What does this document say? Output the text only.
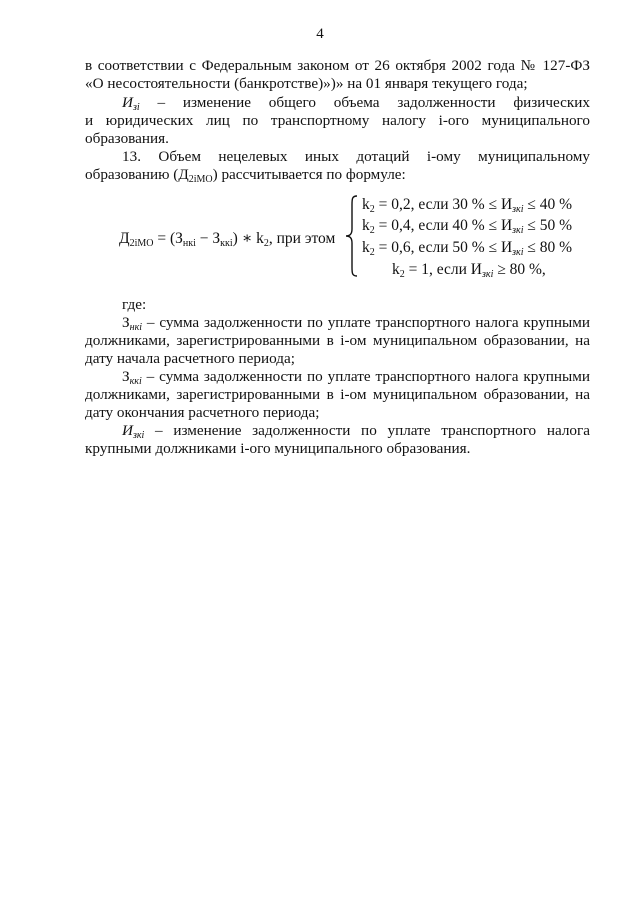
4
в соответствии с Федеральным законом от 26 октября 2002 года № 127-ФЗ
«О несостоятельности (банкротстве)»)» на 01 января текущего года;
$И_{зi}$ – изменение общего объема задолженности физических
и юридических лиц по транспортному налогу i-ого муниципального
образования.
13. Объем нецелевых иных дотаций i-ому муниципальному
образованию $(Д_{2iМО})$ рассчитывается по формуле:
$Д_{2iМО} = (З_{нкi} - З_{ккi})$ ∗ $k_2$, при этом
$k_2 = 0,2$, если 30 % ≤ $И_{зкi} \le 40$ %
$k_2 = 0,4$, если 40 % ≤ $И_{зкi} \le 50$ %
$k_2 = 0,6$, если 50 % ≤ $И_{зкi} \le 80$ %
$k_2 = 1$, если $И_{зкi} \ge 80$ %,
где:
$З_{нкi}$ – сумма задолженности по уплате транспортного налога крупными
должниками, зарегистрированными в i-ом муниципальном образовании, на
дату начала расчетного периода;
$З_{ккi}$ – сумма задолженности по уплате транспортного налога крупными
должниками, зарегистрированными в i-ом муниципальном образовании, на
дату окончания расчетного периода;
$И_{зкi}$ – изменение задолженности по уплате транспортного налога
крупными должниками i-ого муниципального образования.
